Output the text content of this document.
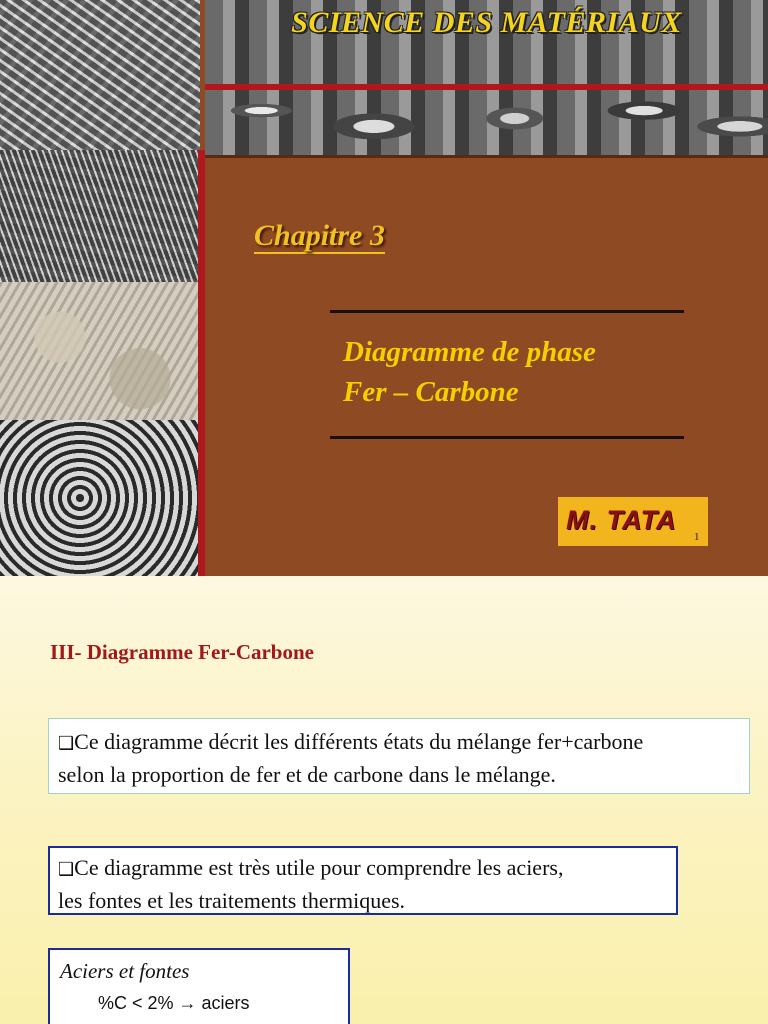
SCIENCE DES MATÉRIAUX
Chapitre 3
Diagramme de phase
Fer – Carbone
M. TATA
1
III- Diagramme Fer-Carbone
❑Ce diagramme décrit les différents états du mélange fer+carbone
selon la proportion de fer et de carbone dans le mélange.
❑Ce diagramme est très utile pour comprendre les aciers,
les fontes et les traitements thermiques.
Aciers et fontes
%C < 2% → aciers
